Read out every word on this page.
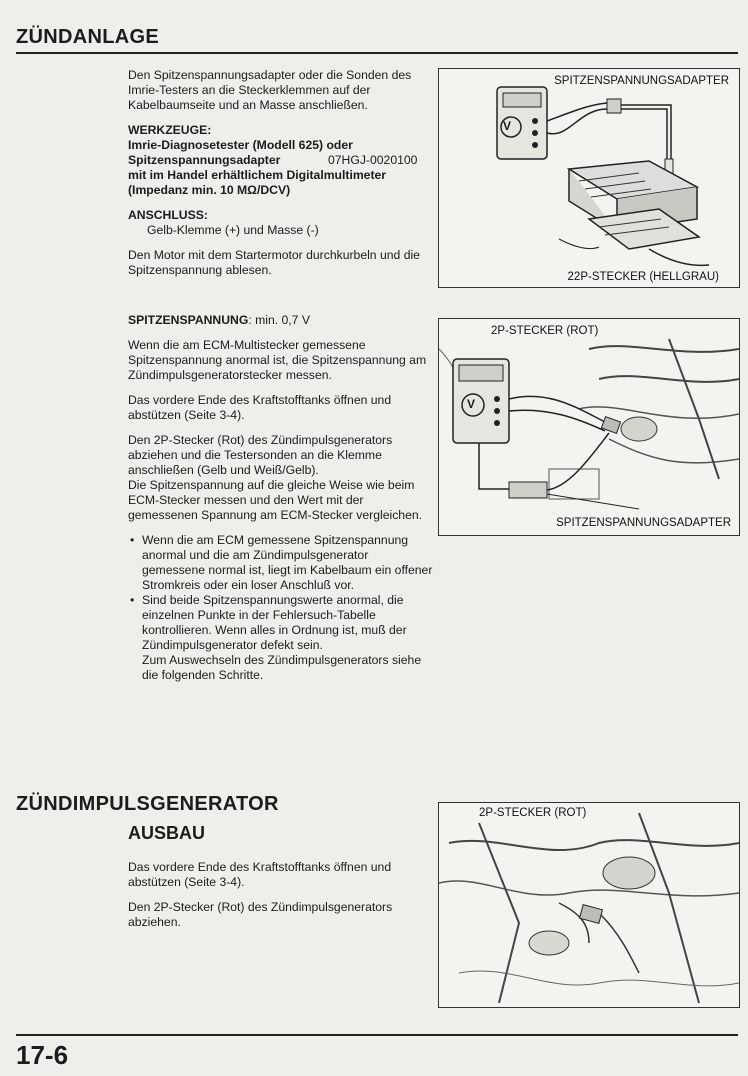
ZÜNDANLAGE

Den Spitzenspannungsadapter oder die Sonden des Imrie-Testers an die Steckerklemmen auf der Kabelbaumseite und an Masse anschließen.

WERKZEUGE:

Imrie-Diagnosetester (Modell 625) oder

Spitzenspannungsadapter	07HGJ-0020100

mit im Handel erhältlichem Digitalmultimeter

(Impedanz min. 10 MΩ/DCV)

ANSCHLUSS:

Gelb-Klemme (+) und Masse (-)

Den Motor mit dem Startermotor durchkurbeln und die Spitzenspannung ablesen.

SPITZENSPANNUNG: min. 0,7 V

Wenn die am ECM-Multistecker gemessene Spitzenspannung anormal ist, die Spitzenspannung am Zündimpulsgeneratorstecker messen.

Das vordere Ende des Kraftstofftanks öffnen und abstützen (Seite 3-4).

Den 2P-Stecker (Rot) des Zündimpulsgenerators abziehen und die Testersonden an die Klemme anschließen (Gelb und Weiß/Gelb).

Die Spitzenspannung auf die gleiche Weise wie beim ECM-Stecker messen und den Wert mit der gemessenen Spannung am ECM-Stecker vergleichen.

• Wenn die am ECM gemessene Spitzenspannung anormal und die am Zündimpulsgenerator gemessene normal ist, liegt im Kabelbaum ein offener Stromkreis oder ein loser Anschluß vor.
• Sind beide Spitzenspannungswerte anormal, die einzelnen Punkte in der Fehlersuch-Tabelle kontrollieren. Wenn alles in Ordnung ist, muß der Zündimpulsgenerator defekt sein.
Zum Auswechseln des Zündimpulsgenerators siehe die folgenden Schritte.
ZÜNDIMPULSGENERATOR
AUSBAU

Das vordere Ende des Kraftstofftanks öffnen und abstützen (Seite 3-4).

Den 2P-Stecker (Rot) des Zündimpulsgenerators abziehen.

SPITZENSPANNUNGSADAPTER
22P-STECKER (HELLGRAU)
V
2P-STECKER (ROT)
SPITZENSPANNUNGSADAPTER
V
2P-STECKER (ROT)
17-6
